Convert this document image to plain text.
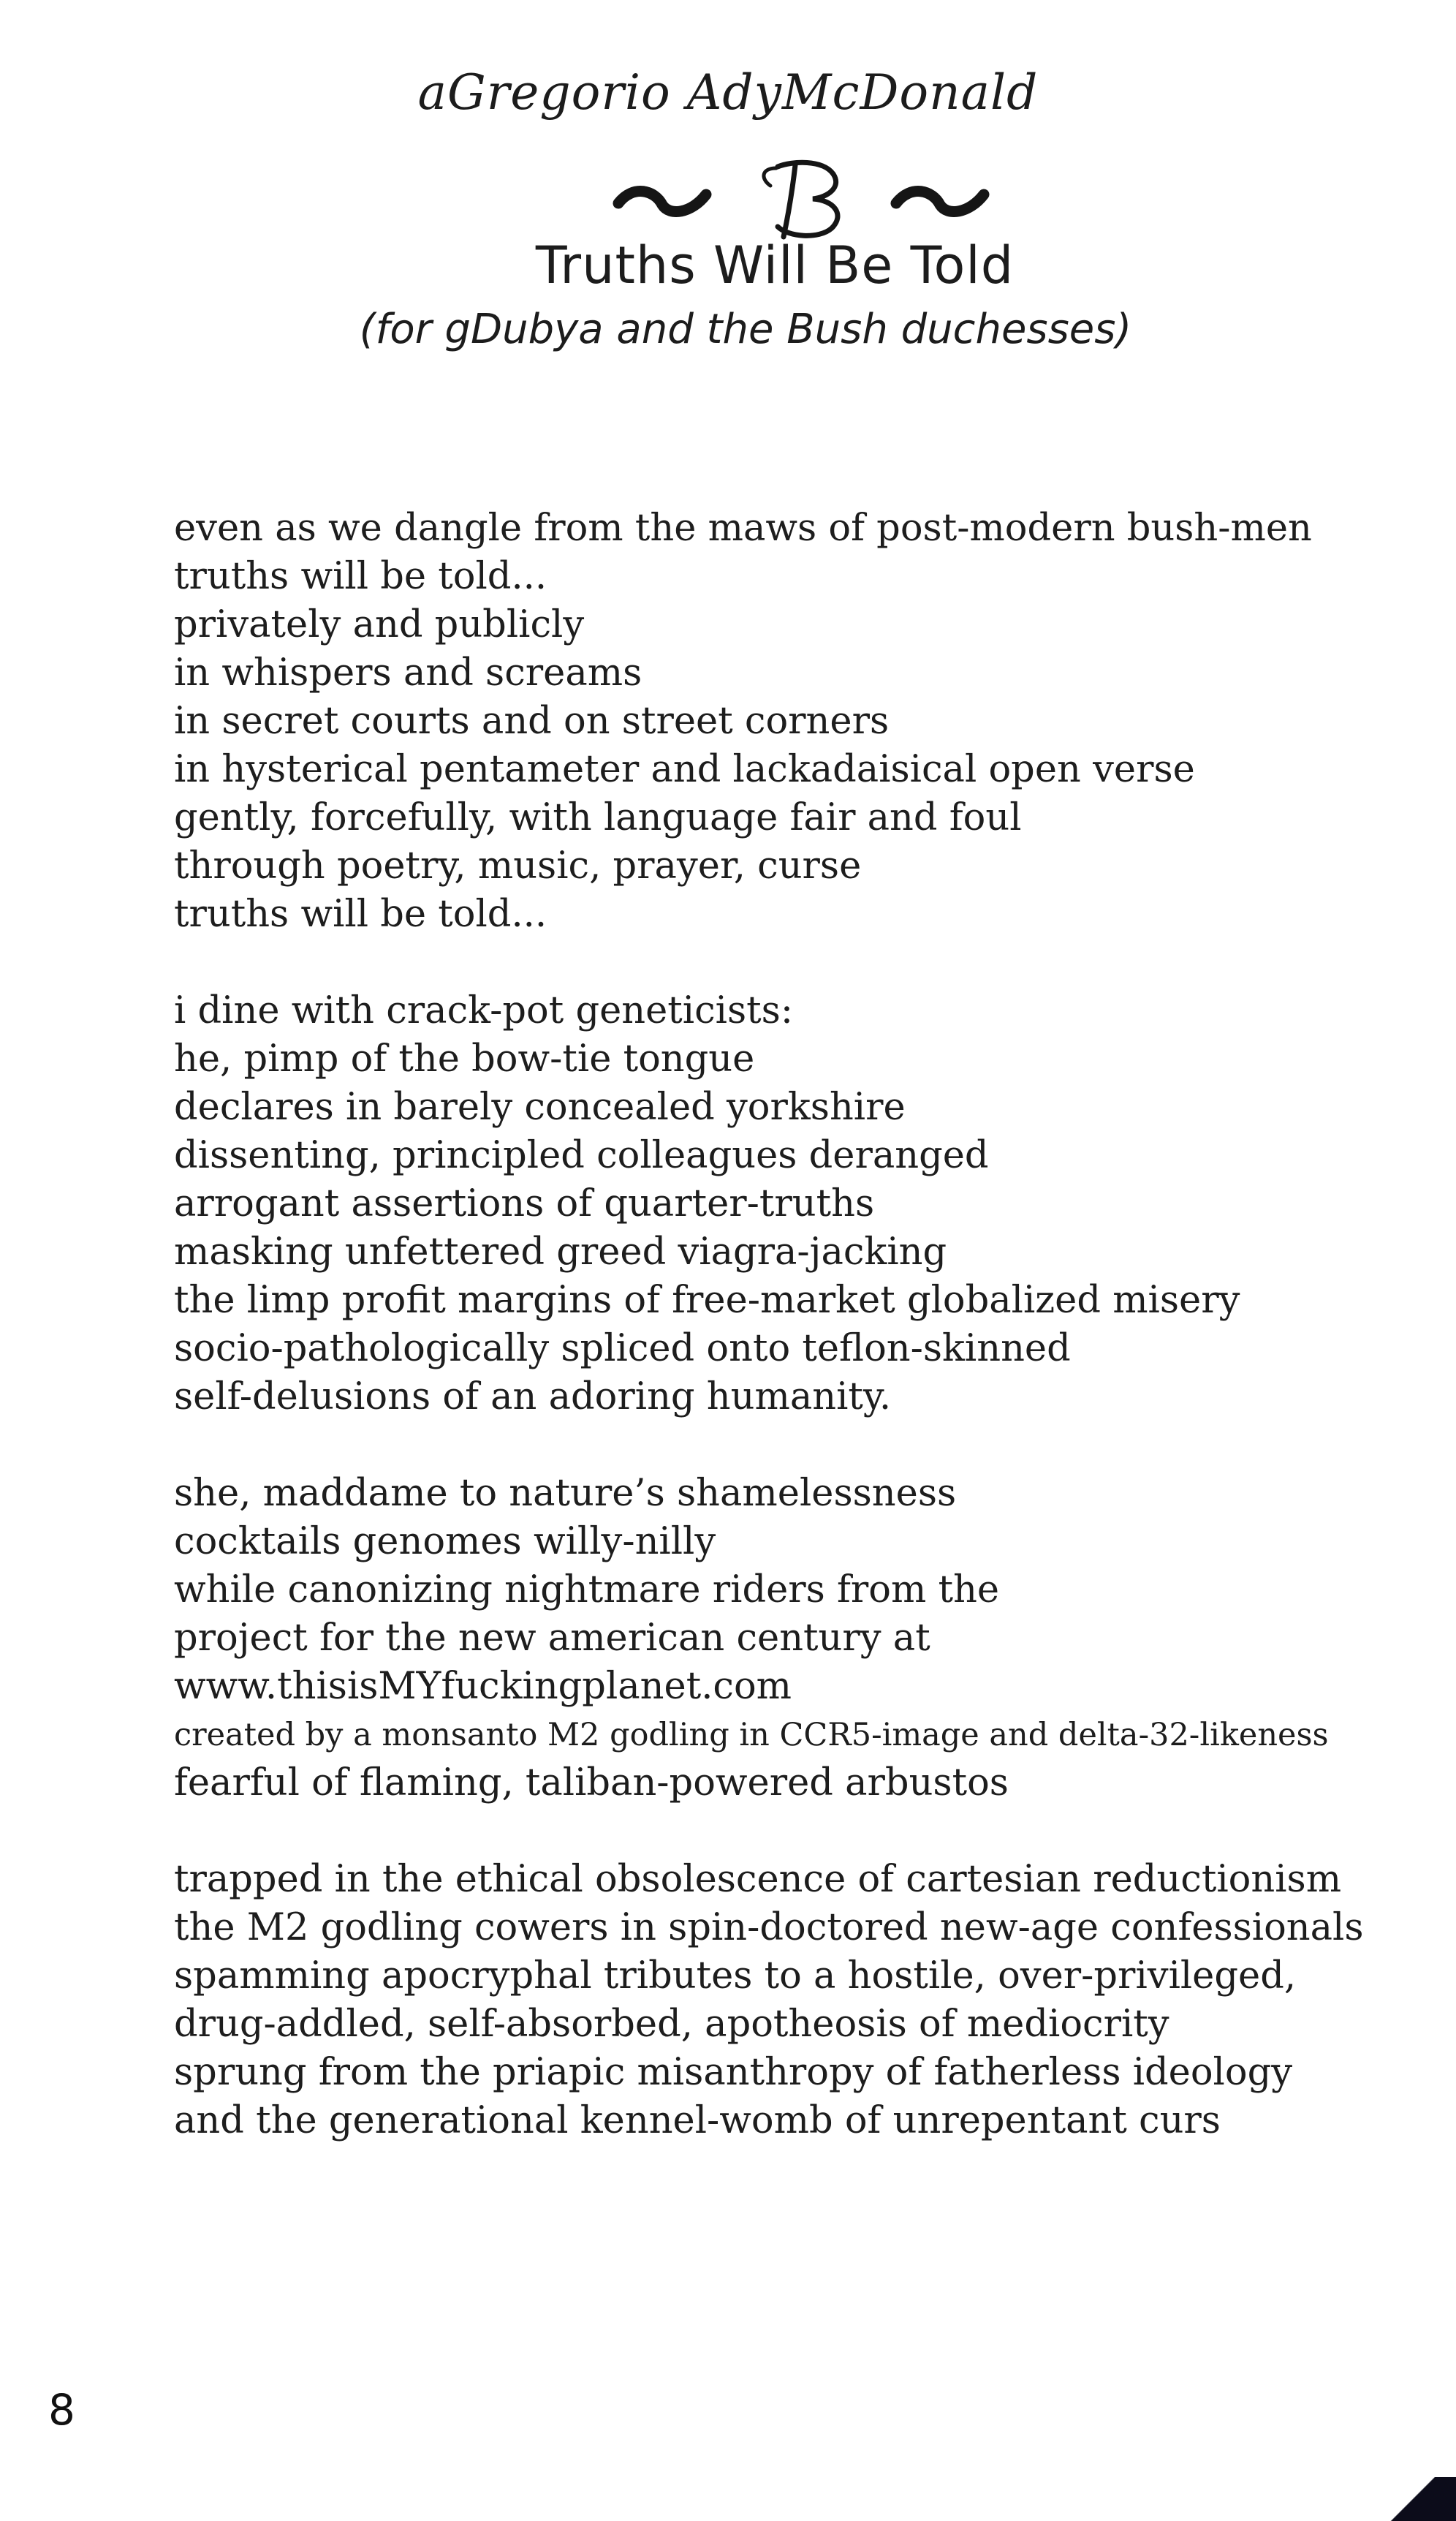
aGregorio AdyMcDonald
Truths Will Be Told
(for gDubya and the Bush duchesses)
even as we dangle from the maws of post-modern bush-men
truths will be told...
privately and publicly
in whispers and screams
in secret courts and on street corners
in hysterical pentameter and lackadaisical open verse
gently, forcefully, with language fair and foul
through poetry, music, prayer, curse
truths will be told...
i dine with crack-pot geneticists:
he, pimp of the bow-tie tongue
declares in barely concealed yorkshire
dissenting, principled colleagues deranged
arrogant assertions of quarter-truths
masking unfettered greed viagra-jacking
the limp profit margins of free-market globalized misery
socio-pathologically spliced onto teflon-skinned
self-delusions of an adoring humanity.
she, maddame to nature’s shamelessness
cocktails genomes willy-nilly
while canonizing nightmare riders from the
project for the new american century at
www.thisisMYfuckingplanet.com
created by a monsanto M2 godling in CCR5-image and delta-32-likeness
fearful of flaming, taliban-powered arbustos
trapped in the ethical obsolescence of cartesian reductionism
the M2 godling cowers in spin-doctored new-age confessionals
spamming apocryphal tributes to a hostile, over-privileged,
drug-addled, self-absorbed, apotheosis of mediocrity
sprung from the priapic misanthropy of fatherless ideology
and the generational kennel-womb of unrepentant curs
8
